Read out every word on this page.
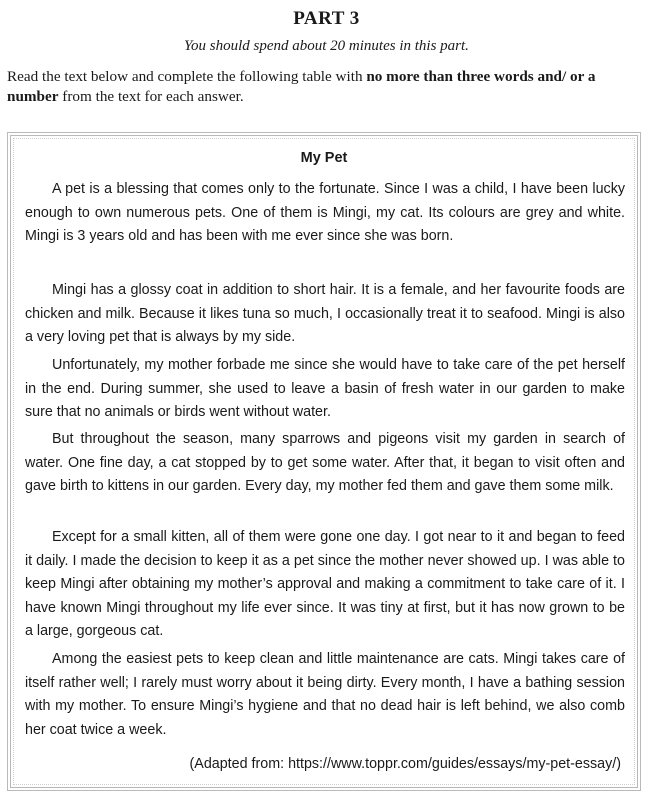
PART 3
You should spend about 20 minutes in this part.
Read the text below and complete the following table with no more than three words and/ or a number from the text for each answer.
My Pet

A pet is a blessing that comes only to the fortunate. Since I was a child, I have been lucky enough to own numerous pets. One of them is Mingi, my cat. Its colours are grey and white. Mingi is 3 years old and has been with me ever since she was born.

Mingi has a glossy coat in addition to short hair. It is a female, and her favourite foods are chicken and milk. Because it likes tuna so much, I occasionally treat it to seafood. Mingi is also a very loving pet that is always by my side.

Unfortunately, my mother forbade me since she would have to take care of the pet herself in the end. During summer, she used to leave a basin of fresh water in our garden to make sure that no animals or birds went without water.

But throughout the season, many sparrows and pigeons visit my garden in search of water. One fine day, a cat stopped by to get some water. After that, it began to visit often and gave birth to kittens in our garden. Every day, my mother fed them and gave them some milk.

Except for a small kitten, all of them were gone one day. I got near to it and began to feed it daily. I made the decision to keep it as a pet since the mother never showed up. I was able to keep Mingi after obtaining my mother’s approval and making a commitment to take care of it. I have known Mingi throughout my life ever since. It was tiny at first, but it has now grown to be a large, gorgeous cat.

Among the easiest pets to keep clean and little maintenance are cats. Mingi takes care of itself rather well; I rarely must worry about it being dirty. Every month, I have a bathing session with my mother. To ensure Mingi’s hygiene and that no dead hair is left behind, we also comb her coat twice a week.

(Adapted from: https://www.toppr.com/guides/essays/my-pet-essay/)
